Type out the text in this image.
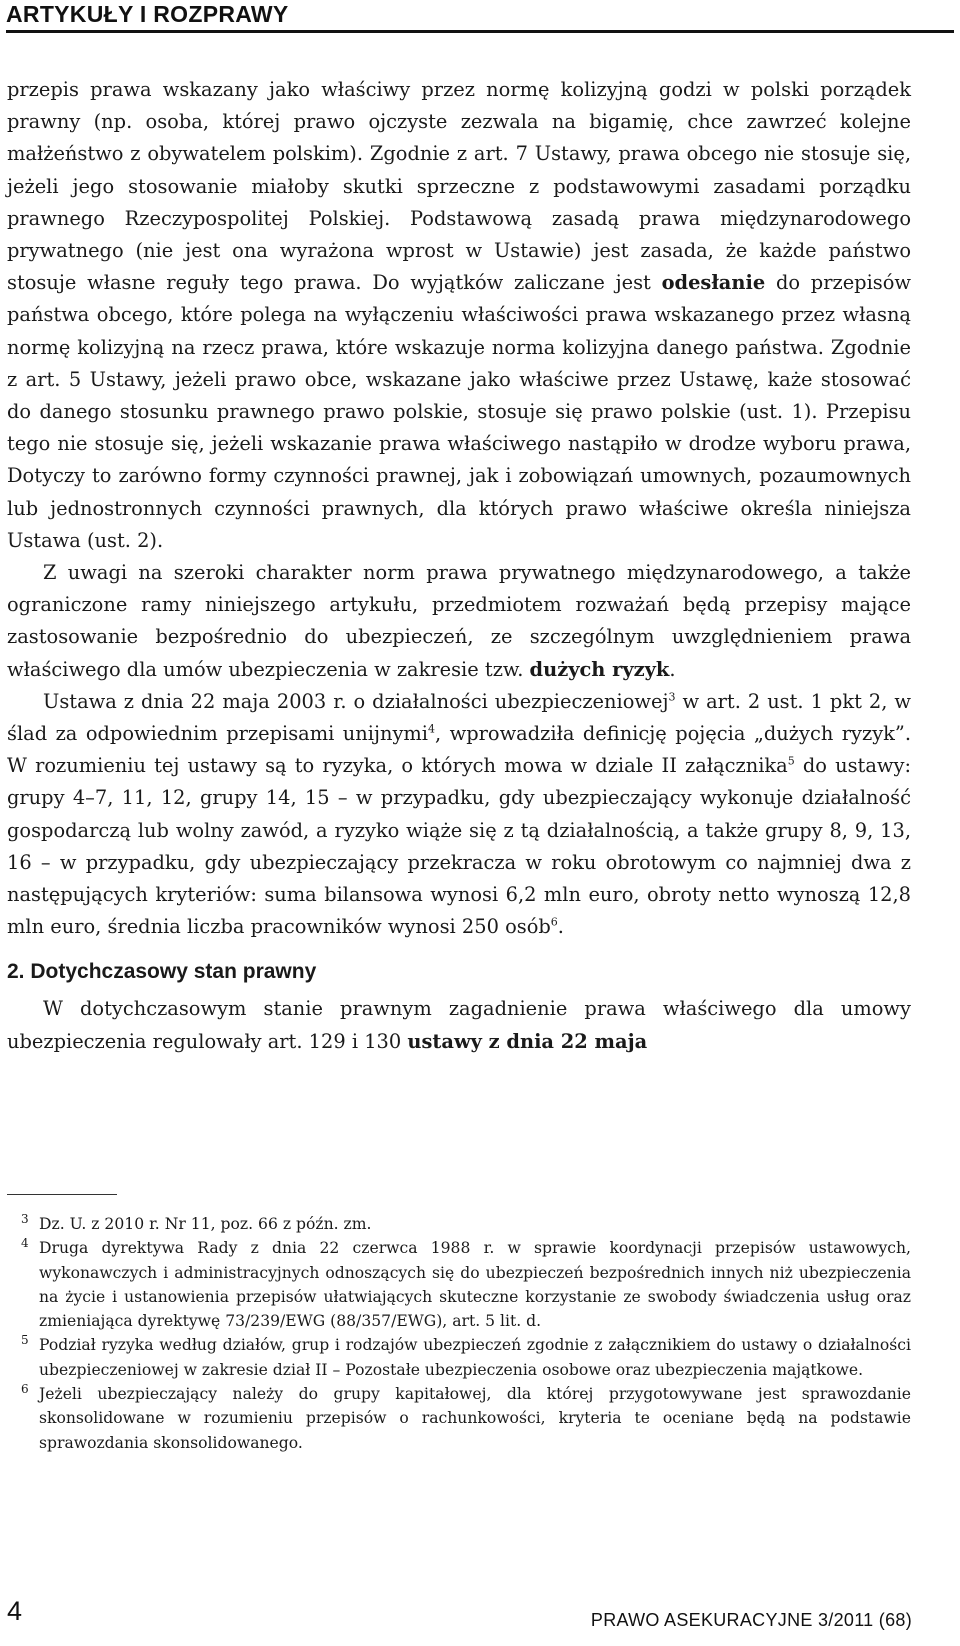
ARTYKUŁY I ROZPRAWY

przepis prawa wskazany jako właściwy przez normę kolizyjną godzi w polski porządek prawny (np. osoba, której prawo ojczyste zezwala na bigamię, chce zawrzeć kolejne małżeństwo z obywatelem polskim). Zgodnie z art. 7 Ustawy, prawa obcego nie stosuje się, jeżeli jego stosowanie miałoby skutki sprzeczne z podstawowymi zasadami porządku prawnego Rzeczypospolitej Polskiej. Podstawową zasadą prawa międzynarodowego prywatnego (nie jest ona wyrażona wprost w Ustawie) jest zasada, że każde państwo stosuje własne reguły tego prawa. Do wyjątków zaliczane jest odesłanie do przepisów państwa obcego, które polega na wyłączeniu właściwości prawa wskazanego przez własną normę kolizyjną na rzecz prawa, które wskazuje norma kolizyjna danego państwa. Zgodnie z art. 5 Ustawy, jeżeli prawo obce, wskazane jako właściwe przez Ustawę, każe stosować do danego stosunku prawnego prawo polskie, stosuje się prawo polskie (ust. 1). Przepisu tego nie stosuje się, jeżeli wskazanie prawa właściwego nastąpiło w drodze wyboru prawa, Dotyczy to zarówno formy czynności prawnej, jak i zobowiązań umownych, pozaumownych lub jednostronnych czynności prawnych, dla których prawo właściwe określa niniejsza Ustawa (ust. 2).

Z uwagi na szeroki charakter norm prawa prywatnego międzynarodowego, a także ograniczone ramy niniejszego artykułu, przedmiotem rozważań będą przepisy mające zastosowanie bezpośrednio do ubezpieczeń, ze szczególnym uwzględnieniem prawa właściwego dla umów ubezpieczenia w zakresie tzw. dużych ryzyk.

Ustawa z dnia 22 maja 2003 r. o działalności ubezpieczeniowej$^3$ w art. 2 ust. 1 pkt 2, w ślad za odpowiednim przepisami unijnymi$^4$, wprowadziła definicję pojęcia „dużych ryzyk”. W rozumieniu tej ustawy są to ryzyka, o których mowa w dziale II załącznika$^5$ do ustawy: grupy 4–7, 11, 12, grupy 14, 15 – w przypadku, gdy ubezpieczający wykonuje działalność gospodarczą lub wolny zawód, a ryzyko wiąże się z tą działalnością, a także grupy 8, 9, 13, 16 – w przypadku, gdy ubezpieczający przekracza w roku obrotowym co najmniej dwa z następujących kryteriów: suma bilansowa wynosi 6,2 mln euro, obroty netto wynoszą 12,8 mln euro, średnia liczba pracowników wynosi 250 osób$^6$.

2. Dotychczasowy stan prawny

W dotychczasowym stanie prawnym zagadnienie prawa właściwego dla umowy ubezpieczenia regulowały art. 129 i 130 ustawy z dnia 22 maja

3 Dz. U. z 2010 r. Nr 11, poz. 66 z późn. zm.

4 Druga dyrektywa Rady z dnia 22 czerwca 1988 r. w sprawie koordynacji przepisów ustawowych, wykonawczych i administracyjnych odnoszących się do ubezpieczeń bezpośrednich innych niż ubezpieczenia na życie i ustanowienia przepisów ułatwiających skuteczne korzystanie ze swobody świadczenia usług oraz zmieniająca dyrektywę 73/239/EWG (88/357/EWG), art. 5 lit. d.

5 Podział ryzyka według działów, grup i rodzajów ubezpieczeń zgodnie z załącznikiem do ustawy o działalności ubezpieczeniowej w zakresie dział II – Pozostałe ubezpieczenia osobowe oraz ubezpieczenia majątkowe.

6 Jeżeli ubezpieczający należy do grupy kapitałowej, dla której przygotowywane jest sprawozdanie skonsolidowane w rozumieniu przepisów o rachunkowości, kryteria te oceniane będą na podstawie sprawozdania skonsolidowanego.

4	PRAWO ASEKURACYJNE 3/2011 (68)
